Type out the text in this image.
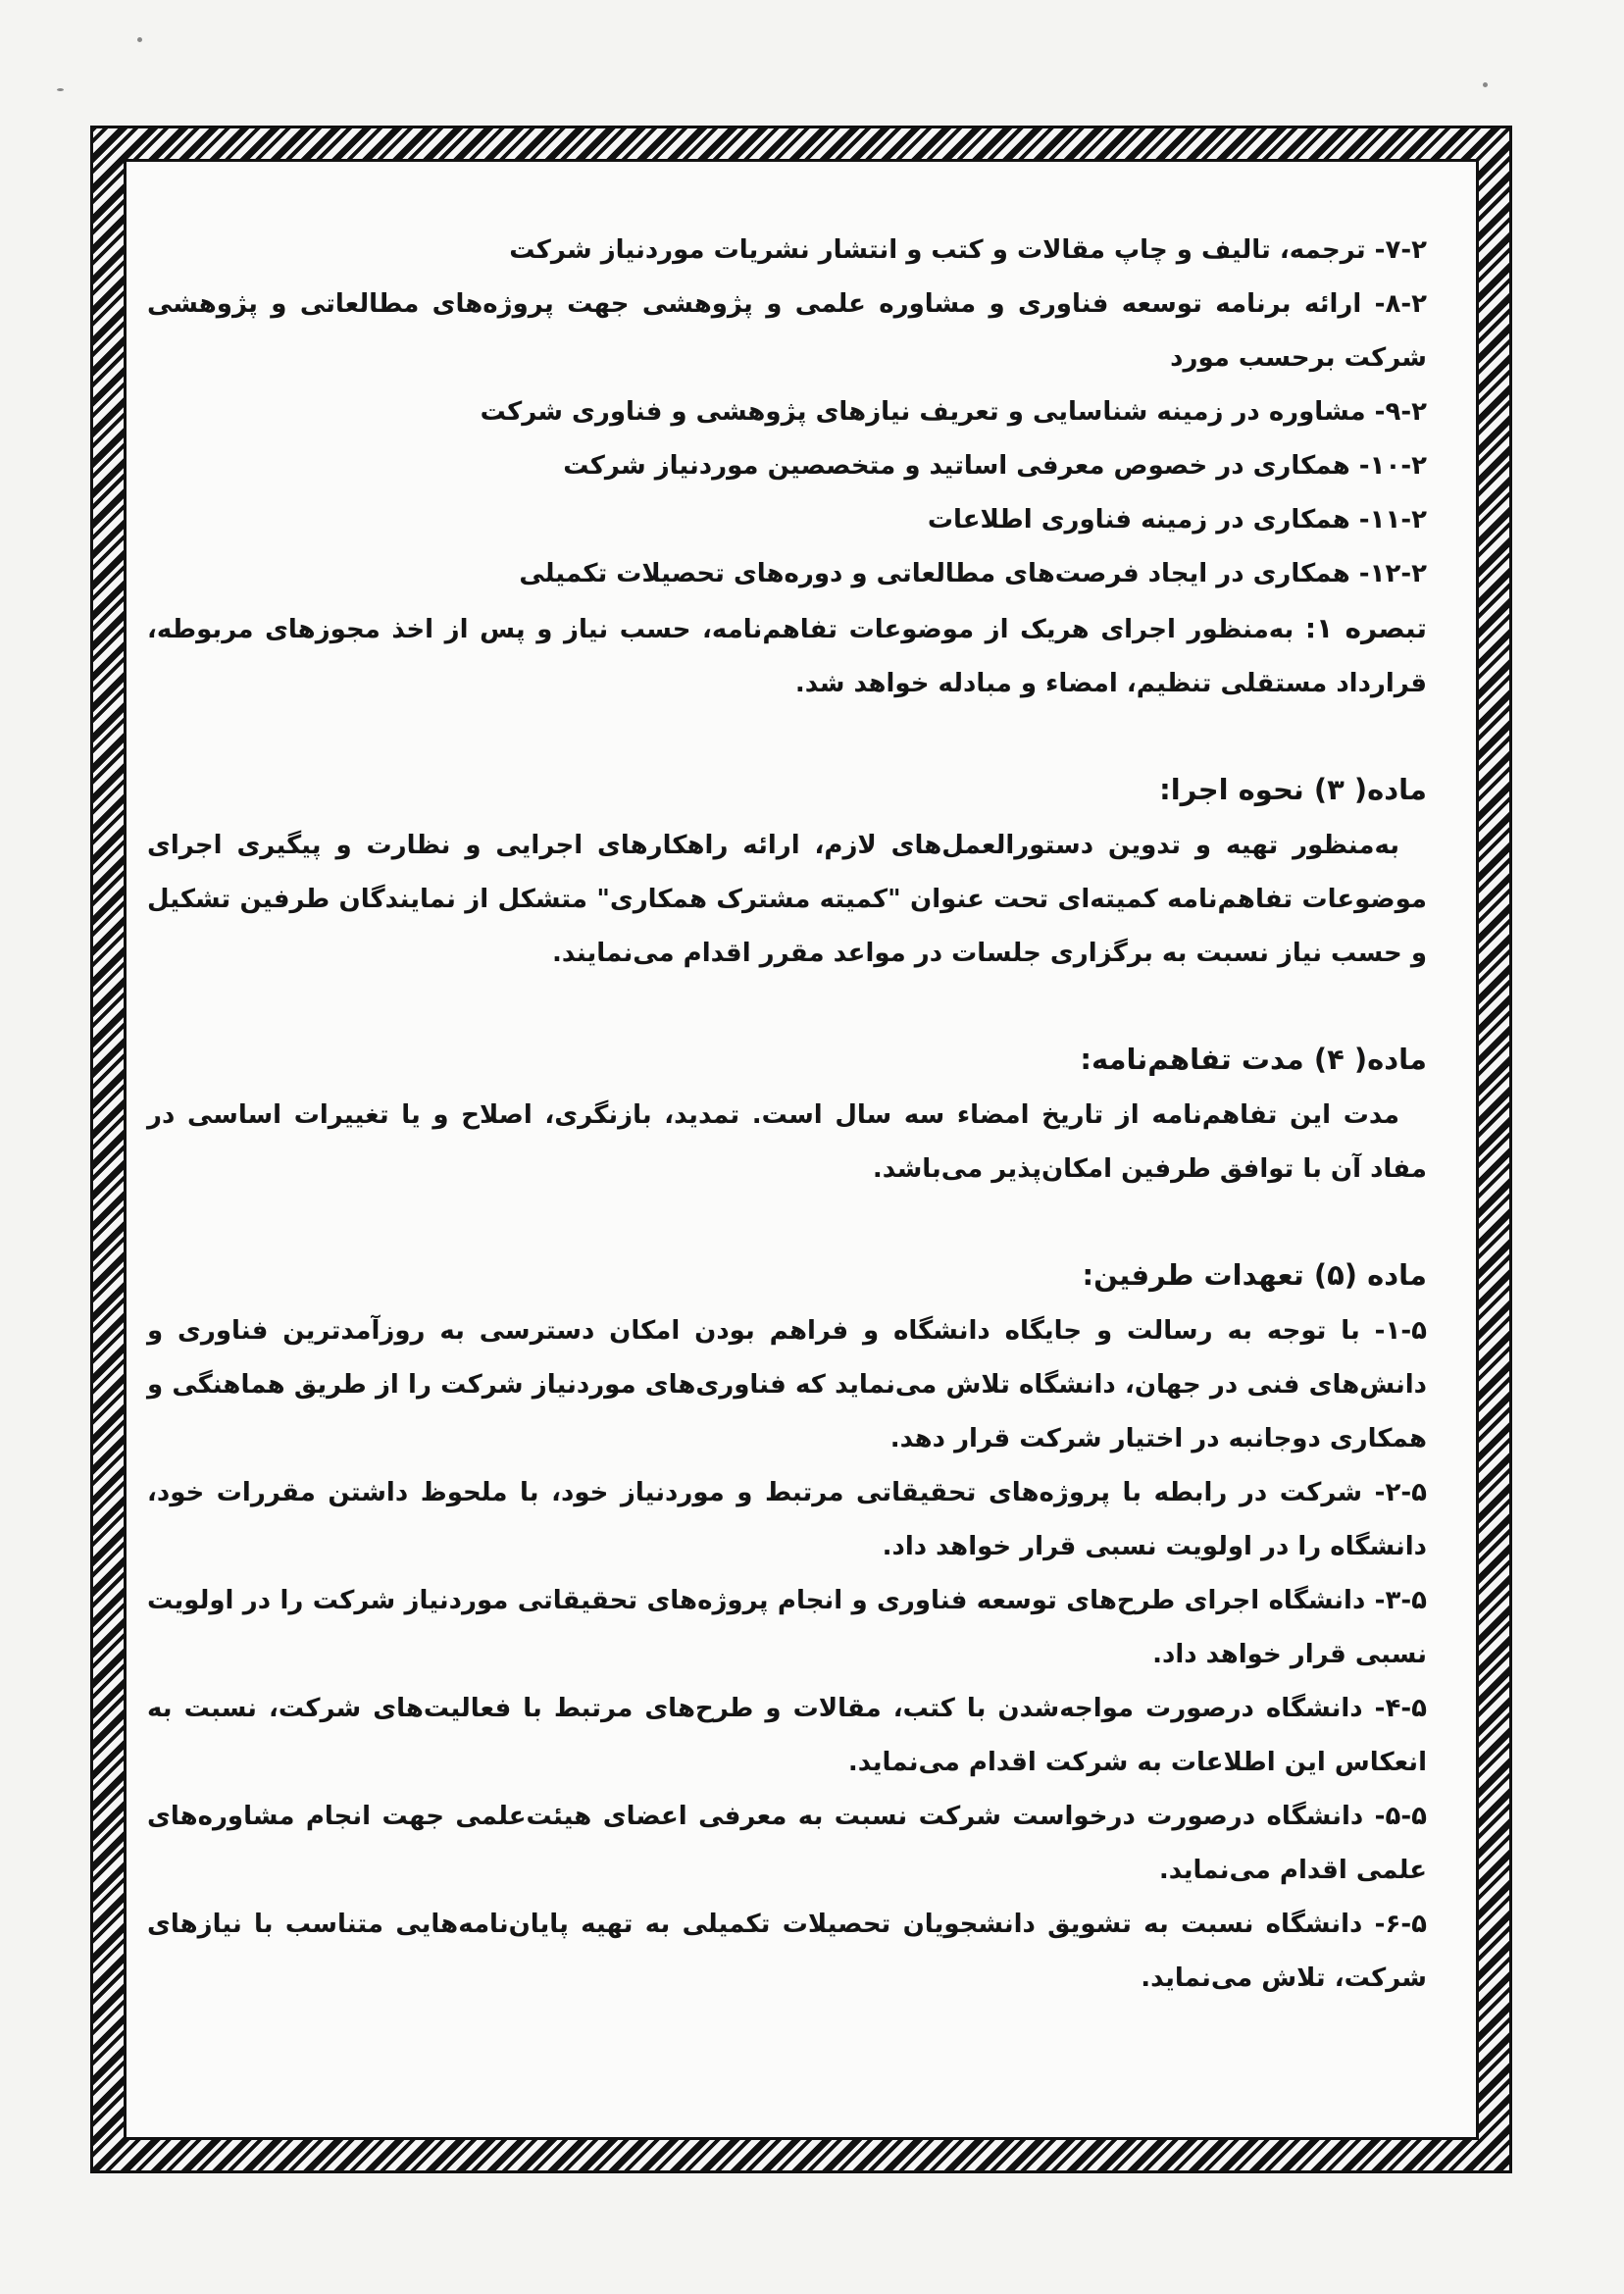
۷-۲- ترجمه، تالیف و چاپ مقالات و کتب و انتشار نشریات موردنیاز شرکت

۸-۲- ارائه برنامه توسعه فناوری و مشاوره علمی و پژوهشی جهت پروژه‌های مطالعاتی و پژوهشی شرکت برحسب مورد

۹-۲- مشاوره در زمینه شناسایی و تعریف نیازهای پژوهشی و فناوری شرکت

۱۰-۲- همکاری در خصوص معرفی اساتید و متخصصین موردنیاز شرکت

۱۱-۲- همکاری در زمینه فناوری اطلاعات

۱۲-۲- همکاری در ایجاد فرصت‌های مطالعاتی و دوره‌های تحصیلات تکمیلی

تبصره ۱: به‌منظور اجرای هریک از موضوعات تفاهم‌نامه، حسب نیاز و پس از اخذ مجوزهای مربوطه، قرارداد مستقلی تنظیم، امضاء و مبادله خواهد شد.

ماده( ۳) نحوه اجرا:

به‌منظور تهیه و تدوین دستورالعمل‌های لازم، ارائه راهکارهای اجرایی و نظارت و پیگیری اجرای موضوعات تفاهم‌نامه کمیته‌ای تحت عنوان "کمیته مشترک همکاری" متشکل از نمایندگان طرفین تشکیل و حسب نیاز نسبت به برگزاری جلسات در مواعد مقرر اقدام می‌نمایند.

ماده( ۴) مدت تفاهم‌نامه:

مدت این تفاهم‌نامه از تاریخ امضاء سه سال است. تمدید، بازنگری، اصلاح و یا تغییرات اساسی در مفاد آن با توافق طرفین امکان‌پذیر می‌باشد.

ماده (۵) تعهدات طرفین:

۱-۵- با توجه به رسالت و جایگاه دانشگاه و فراهم بودن امکان دسترسی به روزآمدترین فناوری و دانش‌های فنی در جهان، دانشگاه تلاش می‌نماید که فناوری‌های موردنیاز شرکت را از طریق هماهنگی و همکاری دوجانبه در اختیار شرکت قرار دهد.

۲-۵- شرکت در رابطه با پروژه‌های تحقیقاتی مرتبط و موردنیاز خود، با ملحوظ داشتن مقررات خود، دانشگاه را در اولویت نسبی قرار خواهد داد.

۳-۵- دانشگاه اجرای طرح‌های توسعه فناوری و انجام پروژه‌های تحقیقاتی موردنیاز شرکت را در اولویت نسبی قرار خواهد داد.

۴-۵- دانشگاه درصورت مواجه‌شدن با کتب، مقالات و طرح‌های مرتبط با فعالیت‌های شرکت، نسبت به انعکاس این اطلاعات به شرکت اقدام می‌نماید.

۵-۵- دانشگاه درصورت درخواست شرکت نسبت به معرفی اعضای هیئت‌علمی جهت انجام مشاوره‌های علمی اقدام می‌نماید.

۶-۵- دانشگاه نسبت به تشویق دانشجویان تحصیلات تکمیلی به تهیه پایان‌نامه‌هایی متناسب با نیازهای شرکت، تلاش می‌نماید.
